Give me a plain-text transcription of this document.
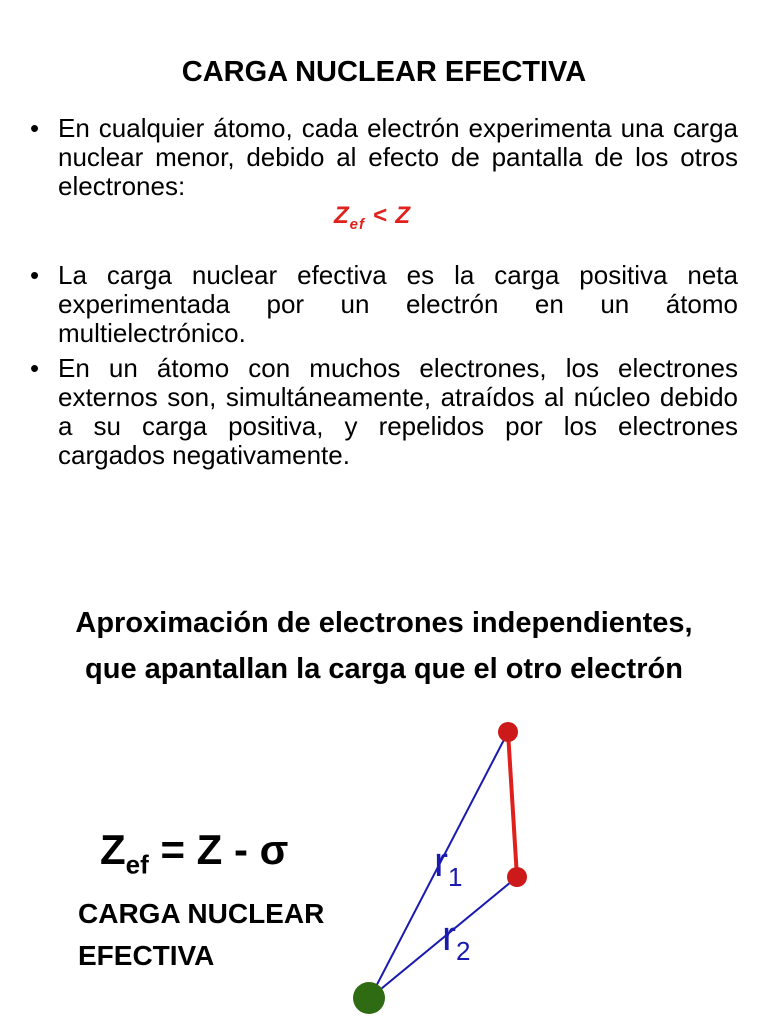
CARGA NUCLEAR EFECTIVA
• En cualquier átomo, cada electrón experimenta una carga nuclear menor, debido al efecto de pantalla de los otros electrones:
• La carga nuclear efectiva es la carga positiva neta experimentada por un electrón en un átomo multielectrónico.
• En un átomo con muchos electrones, los electrones externos son, simultáneamente, atraídos al núcleo debido a su carga positiva, y repelidos por los electrones cargados negativamente.
$Z_{ef} < Z$
Aproximación de electrones independientes,
que apantallan la carga que el otro electrón
$Z_{ef} = Z - \sigma$
CARGA NUCLEAR
EFECTIVA
$r_1$
$r_2$
